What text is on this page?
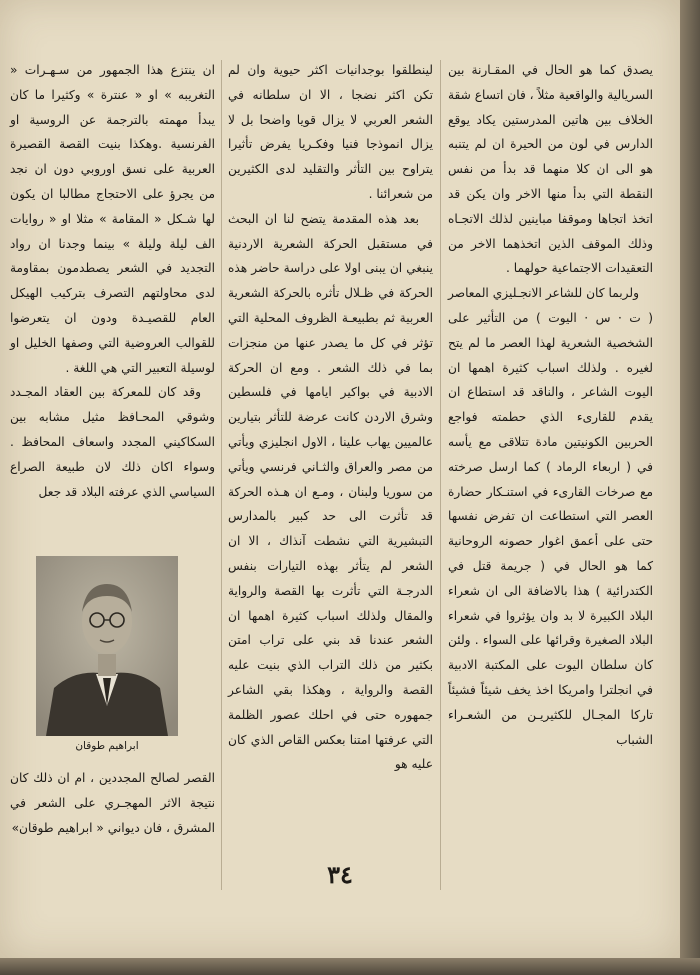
يصدق كما هو الحال في المقـارنة بين السريالية والواقعية مثلاً ، فان اتساع شقة الخلاف بين هاتين المدرستين يكاد يوقع الدارس في لون من الحيرة ان لم يتنبه هو الى ان كلا منهما قد بدأ من نفس النقطة التي بدأ منها الاخر وان يكن قد اتخذ اتجاها وموقفا مباينين لذلك الاتجـاه وذلك الموقف الذين اتخذهما الاخر من التعقيدات الاجتماعية حولهما .

ولربما كان للشاعر الانجـليزي المعاصر ( ت · س · اليوت ) من التأثير على الشخصية الشعرية لهذا العصر ما لم يتح لغيره . ولذلك اسباب كثيرة اهمها ان اليوت الشاعر ، والناقد قد استطاع ان يقدم للقارىء الذي حطمته فواجع الحربين الكونيتين مادة تتلاقى مع يأسه في ( اربعاء الرماد ) كما ارسل صرخته مع صرخات القارىء في استنـكار حضارة العصر التي استطاعت ان تفرض نفسها حتى على أعمق اغوار حصونه الروحانية كما هو الحال في ( جريمة قتل في الكتدرائية ) هذا بالاضافة الى ان شعراء البلاد الكبيرة لا بد وان يؤثروا في شعراء البلاد الصغيرة وقرائها على السواء . ولئن كان سلطان اليوت على المكتبة الادبية في انجلترا وامريكا اخذ يخف شيئاً فشيئاً تاركا المجـال للكثيريـن من الشعـراء الشباب

لينطلقوا بوجدانيات اكثر حيوية وان لم تكن اكثر نضجا ، الا ان سلطانه في الشعر العربي لا يزال قويا واضحا بل لا يزال انموذجا فنيا وفكـريا يفرض تأثيرا يتراوح بين التأثر والتقليد لدى الكثيرين من شعرائنا .

بعد هذه المقدمة يتضح لنا ان البحث في مستقبل الحركة الشعرية الاردنية ينبغي ان يبنى اولا على دراسة حاضر هذه الحركة في ظـلال تأثره بالحركة الشعرية العربية ثم بطبيعـة الظروف المحلية التي تؤثر في كل ما يصدر عنها من منجزات بما في ذلك الشعر . ومع ان الحركة الادبية في بواكير ايامها في فلسطين وشرق الاردن كانت عرضة للتأثر بتيارين عالميين يهاب علينا ، الاول انجليزي ويأتي من مصر والعراق والثـاني فرنسي ويأتي من سوريا ولبنان ، ومـع ان هـذه الحركة قد تأثرت الى حد كبير بالمدارس التبشيرية التي نشطت آنذاك ، الا ان الشعر لم يتأثر بهذه التيارات بنفس الدرجـة التي تأثرت بها القصة والرواية والمقال ولذلك اسباب كثيرة اهمها ان الشعر عندنا قد بني على تراب امتن بكثير من ذلك التراب الذي بنيت عليه القصة والرواية ، وهكذا بقي الشاعر جمهوره حتى في احلك عصور الظلمة التي عرفتها امتنا بعكس القاص الذي كان عليه هو

ان ينتزع هذا الجمهور من سـهـرات « التغريبه » او « عنترة » وكثيرا ما كان يبدأ مهمته بالترجمة عن الروسية او الفرنسية .وهكذا بنيت القصة القصيرة العربية على نسق اوروبي دون ان نجد من يجرؤ على الاحتجاج مطالبا ان يكون لها شـكل « المقامة » مثلا او « روايات الف ليلة وليلة » بينما وجدنا ان رواد التجديد في الشعر يصطدمون بمقاومة لدى محاولتهم التصرف بتركيب الهيكل العام للقصيـدة ودون ان يتعرضوا للقوالب العروضية التي وصفها الخليل او لوسيلة التعبير التي هي اللغة .

وقد كان للمعركة بين العقاد المجـدد وشوقي المحـافظ مثيل مشابه بين السكاكيني المجدد واسعاف المحافظ . وسواء اكان ذلك لان طبيعة الصراع السياسي الذي عرفته البلاد قد جعل

ابراهيم طوقان

القصر لصالح المجددين ، ام ان ذلك كان نتيجة الاثر المهجـري على الشعر في المشرق ، فان ديواني « ابراهيم طوقان»

٣٤
